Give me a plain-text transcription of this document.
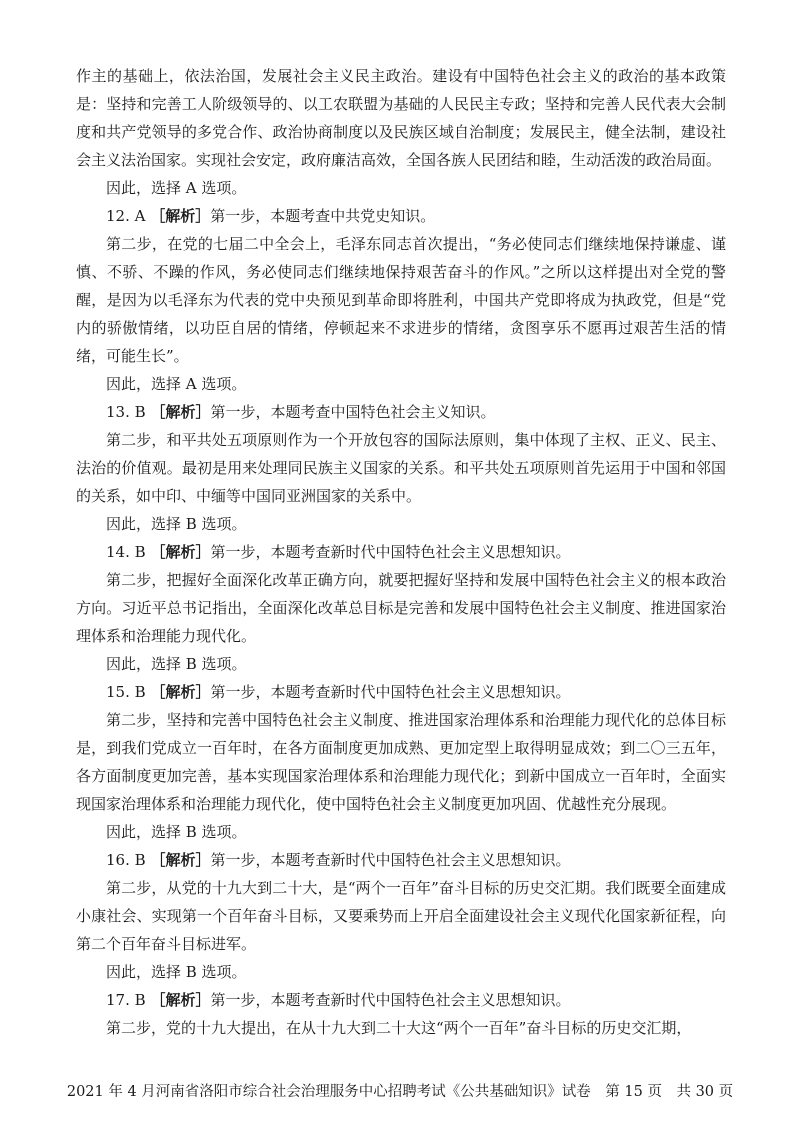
作主的基础上，依法治国，发展社会主义民主政治。建设有中国特色社会主义的政治的基本政策是：坚持和完善工人阶级领导的、以工农联盟为基础的人民民主专政；坚持和完善人民代表大会制度和共产党领导的多党合作、政治协商制度以及民族区域自治制度；发展民主，健全法制，建设社会主义法治国家。实现社会安定，政府廉洁高效，全国各族人民团结和睦，生动活泼的政治局面。

因此，选择 A 选项。

12. A ［解析］第一步，本题考查中共党史知识。

第二步，在党的七届二中全会上，毛泽东同志首次提出，“务必使同志们继续地保持谦虚、谨慎、不骄、不躁的作风，务必使同志们继续地保持艰苦奋斗的作风。”之所以这样提出对全党的警醒，是因为以毛泽东为代表的党中央预见到革命即将胜利，中国共产党即将成为执政党，但是“党内的骄傲情绪，以功臣自居的情绪，停顿起来不求进步的情绪，贪图享乐不愿再过艰苦生活的情绪，可能生长”。

因此，选择 A 选项。

13. B ［解析］第一步，本题考查中国特色社会主义知识。

第二步，和平共处五项原则作为一个开放包容的国际法原则，集中体现了主权、正义、民主、法治的价值观。最初是用来处理同民族主义国家的关系。和平共处五项原则首先运用于中国和邻国的关系，如中印、中缅等中国同亚洲国家的关系中。

因此，选择 B 选项。

14. B ［解析］第一步，本题考查新时代中国特色社会主义思想知识。

第二步，把握好全面深化改革正确方向，就要把握好坚持和发展中国特色社会主义的根本政治方向。习近平总书记指出，全面深化改革总目标是完善和发展中国特色社会主义制度、推进国家治理体系和治理能力现代化。

因此，选择 B 选项。

15. B ［解析］第一步，本题考查新时代中国特色社会主义思想知识。

第二步，坚持和完善中国特色社会主义制度、推进国家治理体系和治理能力现代化的总体目标是，到我们党成立一百年时，在各方面制度更加成熟、更加定型上取得明显成效；到二〇三五年，各方面制度更加完善，基本实现国家治理体系和治理能力现代化；到新中国成立一百年时，全面实现国家治理体系和治理能力现代化，使中国特色社会主义制度更加巩固、优越性充分展现。

因此，选择 B 选项。

16. B ［解析］第一步，本题考查新时代中国特色社会主义思想知识。

第二步，从党的十九大到二十大，是“两个一百年”奋斗目标的历史交汇期。我们既要全面建成小康社会、实现第一个百年奋斗目标，又要乘势而上开启全面建设社会主义现代化国家新征程，向第二个百年奋斗目标进军。

因此，选择 B 选项。

17. B ［解析］第一步，本题考查新时代中国特色社会主义思想知识。

第二步，党的十九大提出，在从十九大到二十大这“两个一百年”奋斗目标的历史交汇期，

2021 年 4 月河南省洛阳市综合社会治理服务中心招聘考试《公共基础知识》试卷　第 15 页　共 30 页
